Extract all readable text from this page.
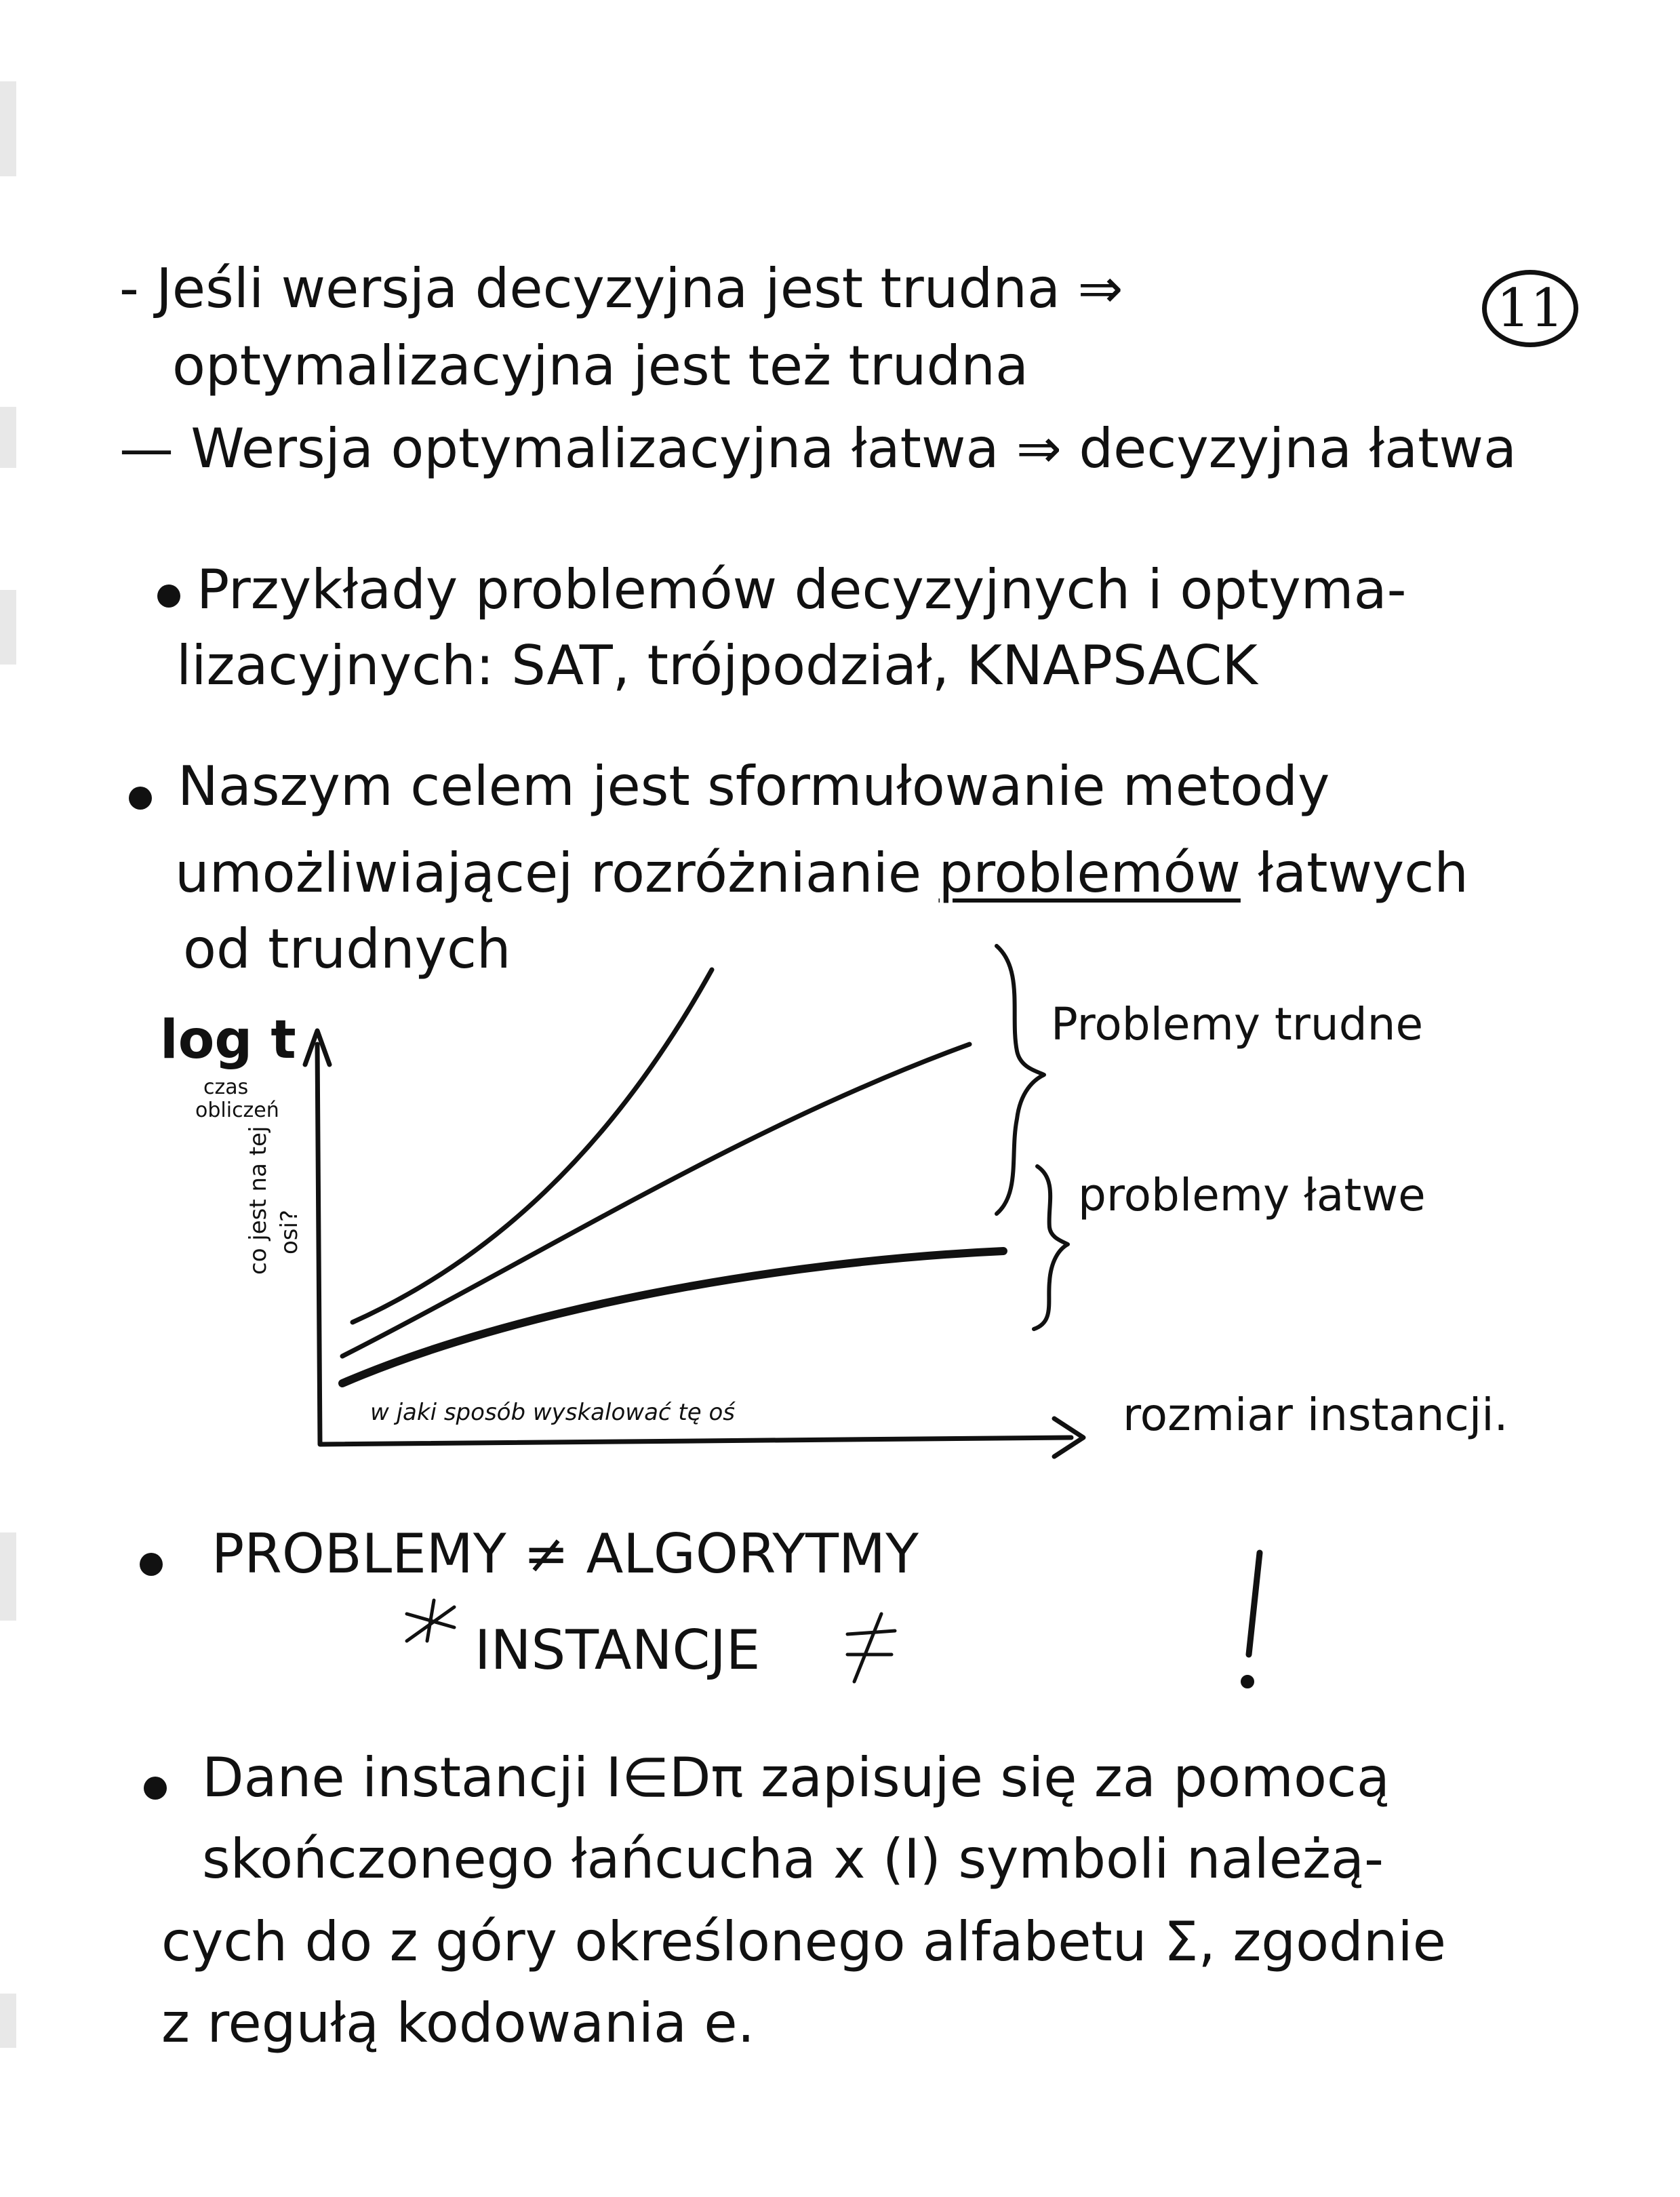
11
- Jeśli wersja decyzyjna jest trudna ⇒
optymalizacyjna jest też trudna
— Wersja optymalizacyjna łatwa ⇒ decyzyjna łatwa
Przykłady problemów decyzyjnych i optyma-
lizacyjnych: SAT, trójpodział, KNAPSACK
Naszym celem jest sformułowanie metody
umożliwiającej rozróżnianie problemów łatwych
od trudnych
log t
czas
obliczeń
co jest na tej osi?
w jaki sposób wyskalować tę oś	rozmiar instancji.
Problemy trudne
problemy łatwe
PROBLEMY ≠ ALGORYTMY
INSTANCJE
Dane instancji I∈Dπ zapisuje się za pomocą
skończonego łańcucha x (I) symboli należą-
cych do z góry określonego alfabetu Σ, zgodnie
z regułą kodowania e.
